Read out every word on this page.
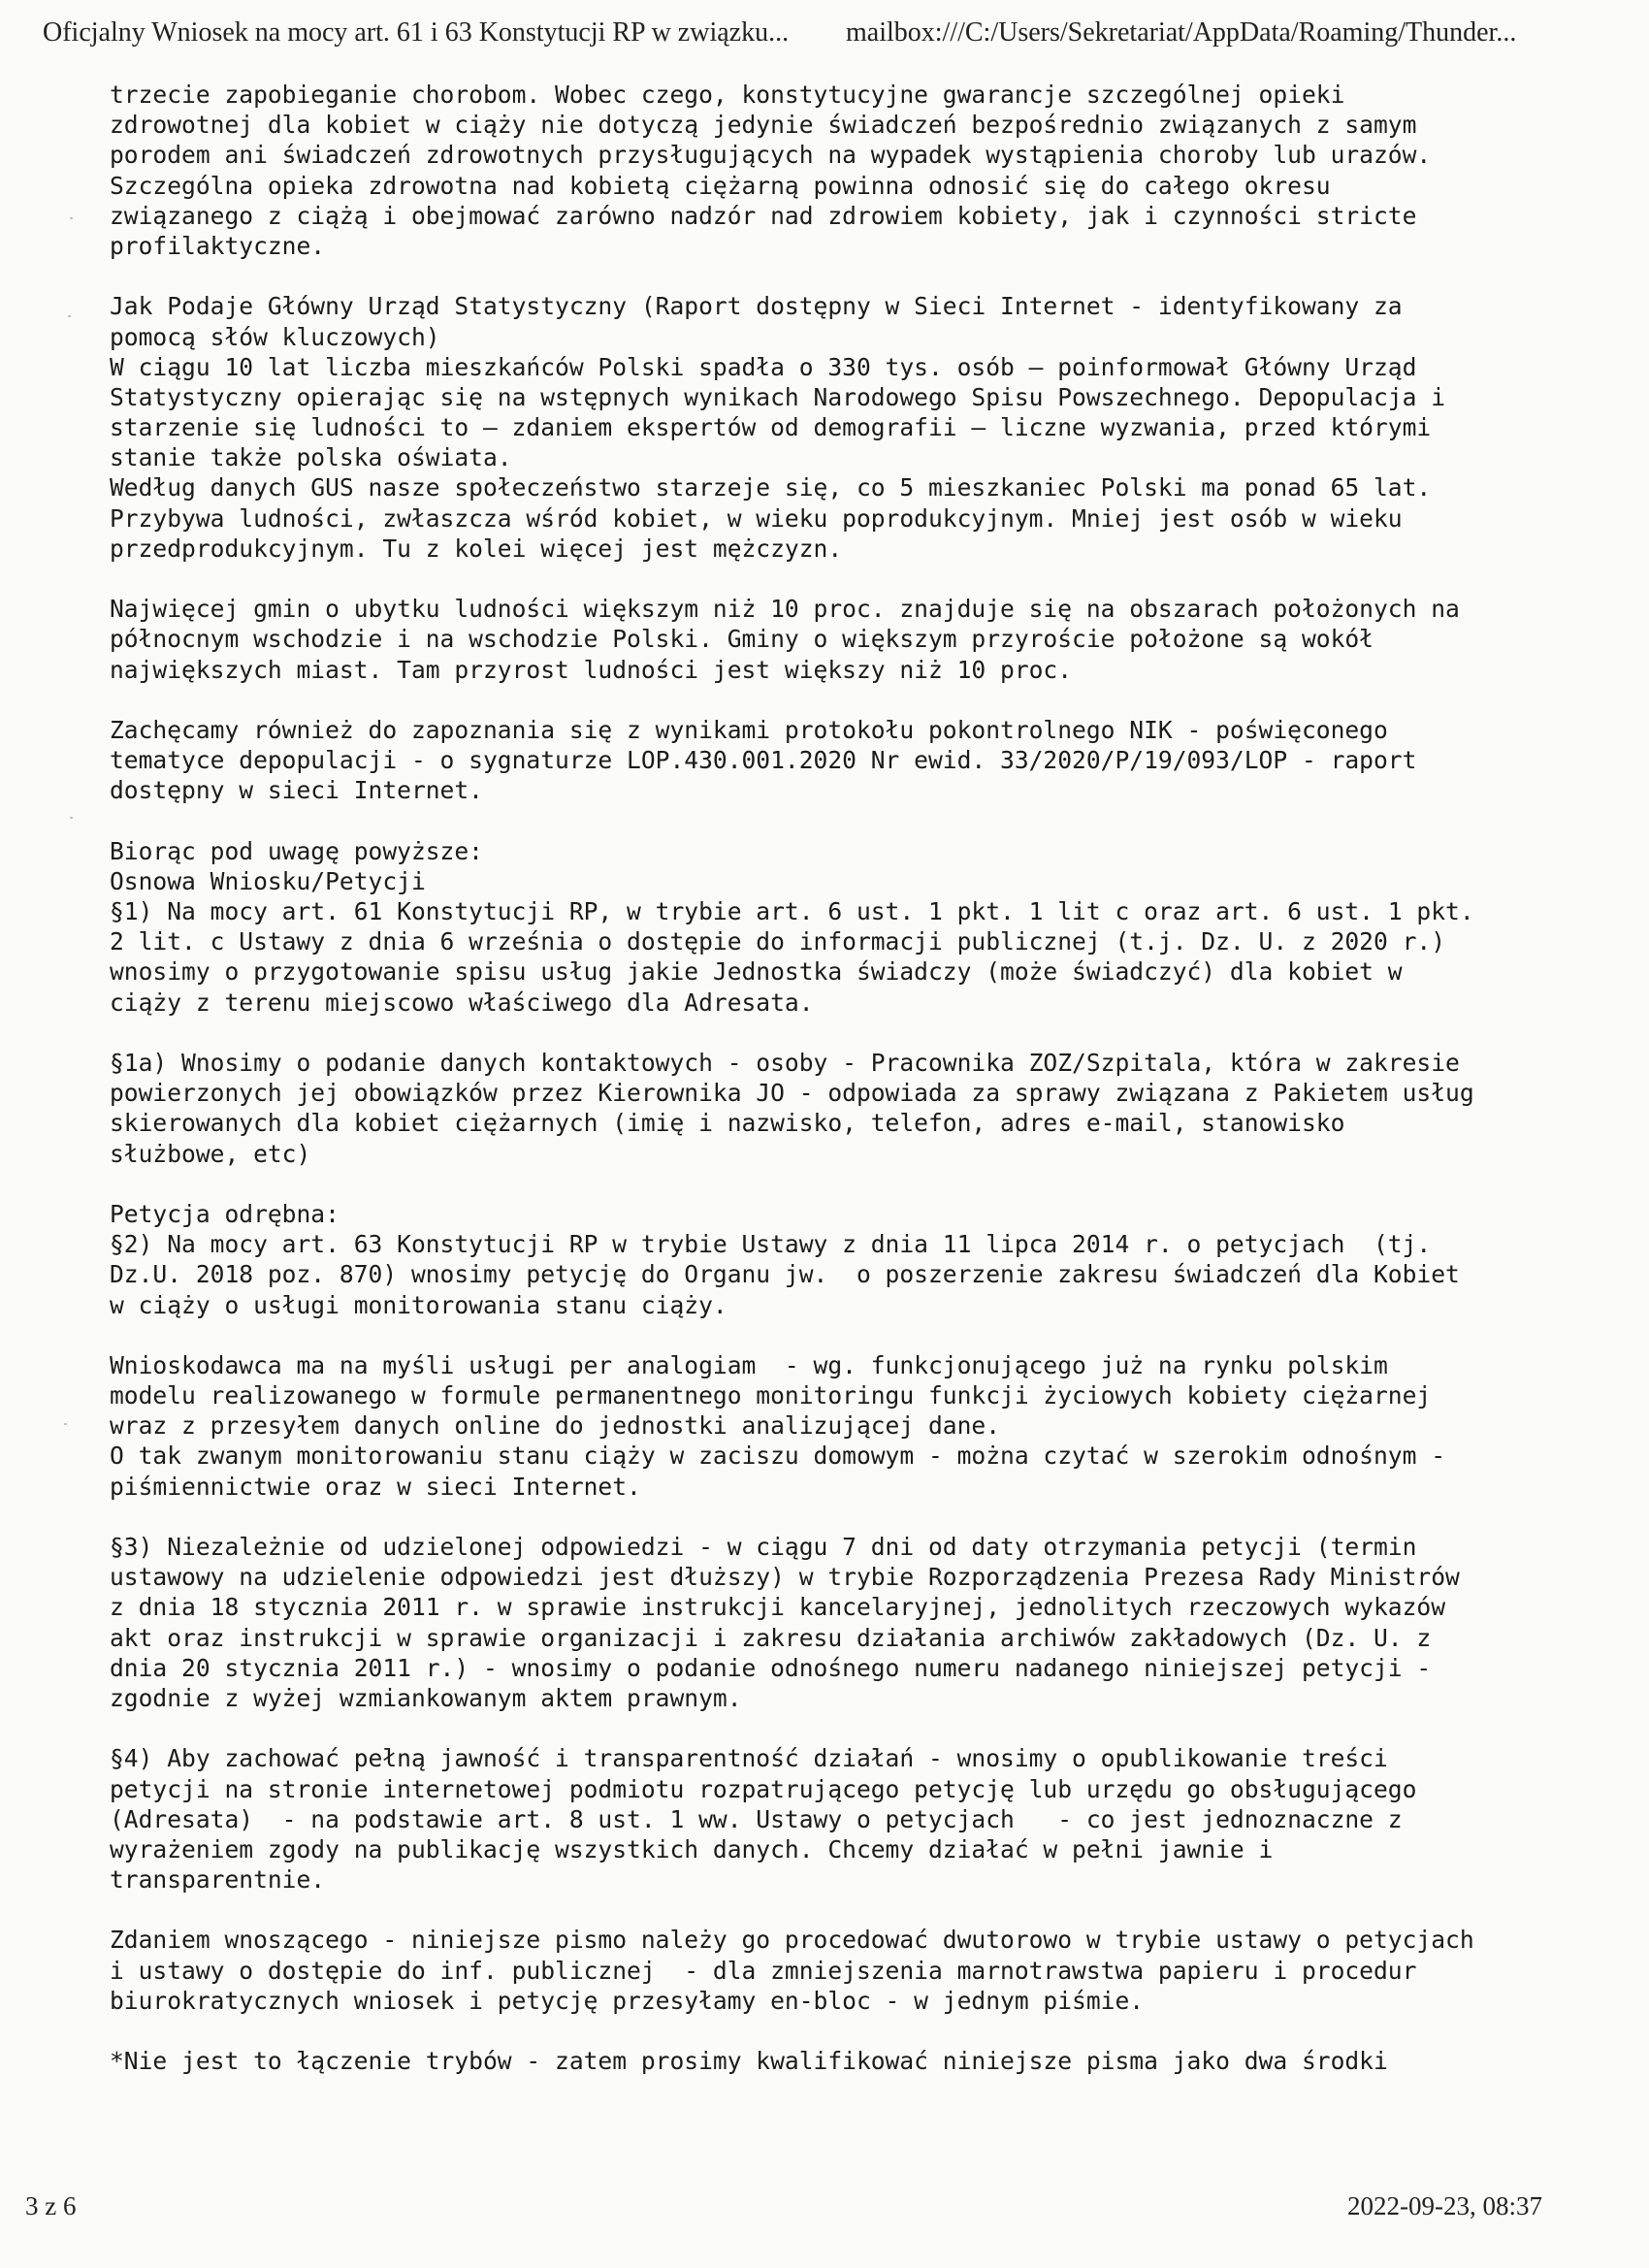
Oficjalny Wniosek na mocy art. 61 i 63 Konstytucji RP w związku... mailbox:///C:/Users/Sekretariat/AppData/Roaming/Thunder...
trzecie zapobieganie chorobom. Wobec czego, konstytucyjne gwarancje szczególnej opieki
zdrowotnej dla kobiet w ciąży nie dotyczą jedynie świadczeń bezpośrednio związanych z samym
porodem ani świadczeń zdrowotnych przysługujących na wypadek wystąpienia choroby lub urazów.
Szczególna opieka zdrowotna nad kobietą ciężarną powinna odnosić się do całego okresu
związanego z ciążą i obejmować zarówno nadzór nad zdrowiem kobiety, jak i czynności stricte
profilaktyczne.
Jak Podaje Główny Urząd Statystyczny (Raport dostępny w Sieci Internet - identyfikowany za
pomocą słów kluczowych)
W ciągu 10 lat liczba mieszkańców Polski spadła o 330 tys. osób – poinformował Główny Urząd
Statystyczny opierając się na wstępnych wynikach Narodowego Spisu Powszechnego. Depopulacja i
starzenie się ludności to – zdaniem ekspertów od demografii – liczne wyzwania, przed którymi
stanie także polska oświata.
Według danych GUS nasze społeczeństwo starzeje się, co 5 mieszkaniec Polski ma ponad 65 lat.
Przybywa ludności, zwłaszcza wśród kobiet, w wieku poprodukcyjnym. Mniej jest osób w wieku
przedprodukcyjnym. Tu z kolei więcej jest mężczyzn.
Najwięcej gmin o ubytku ludności większym niż 10 proc. znajduje się na obszarach położonych na
północnym wschodzie i na wschodzie Polski. Gminy o większym przyroście położone są wokół
największych miast. Tam przyrost ludności jest większy niż 10 proc.
Zachęcamy również do zapoznania się z wynikami protokołu pokontrolnego NIK - poświęconego
tematyce depopulacji - o sygnaturze LOP.430.001.2020 Nr ewid. 33/2020/P/19/093/LOP - raport
dostępny w sieci Internet.
Biorąc pod uwagę powyższe:
Osnowa Wniosku/Petycji
§1) Na mocy art. 61 Konstytucji RP, w trybie art. 6 ust. 1 pkt. 1 lit c oraz art. 6 ust. 1 pkt.
2 lit. c Ustawy z dnia 6 września o dostępie do informacji publicznej (t.j. Dz. U. z 2020 r.)
wnosimy o przygotowanie spisu usług jakie Jednostka świadczy (może świadczyć) dla kobiet w
ciąży z terenu miejscowo właściwego dla Adresata.
§1a) Wnosimy o podanie danych kontaktowych - osoby - Pracownika ZOZ/Szpitala, która w zakresie
powierzonych jej obowiązków przez Kierownika JO - odpowiada za sprawy związana z Pakietem usług
skierowanych dla kobiet ciężarnych (imię i nazwisko, telefon, adres e-mail, stanowisko
służbowe, etc)
Petycja odrębna:
§2) Na mocy art. 63 Konstytucji RP w trybie Ustawy z dnia 11 lipca 2014 r. o petycjach  (tj.
Dz.U. 2018 poz. 870) wnosimy petycję do Organu jw.  o poszerzenie zakresu świadczeń dla Kobiet
w ciąży o usługi monitorowania stanu ciąży.
Wnioskodawca ma na myśli usługi per analogiam  - wg. funkcjonującego już na rynku polskim
modelu realizowanego w formule permanentnego monitoringu funkcji życiowych kobiety ciężarnej
wraz z przesyłem danych online do jednostki analizującej dane.
O tak zwanym monitorowaniu stanu ciąży w zaciszu domowym - można czytać w szerokim odnośnym -
piśmiennictwie oraz w sieci Internet.
§3) Niezależnie od udzielonej odpowiedzi - w ciągu 7 dni od daty otrzymania petycji (termin
ustawowy na udzielenie odpowiedzi jest dłuższy) w trybie Rozporządzenia Prezesa Rady Ministrów
z dnia 18 stycznia 2011 r. w sprawie instrukcji kancelaryjnej, jednolitych rzeczowych wykazów
akt oraz instrukcji w sprawie organizacji i zakresu działania archiwów zakładowych (Dz. U. z
dnia 20 stycznia 2011 r.) - wnosimy o podanie odnośnego numeru nadanego niniejszej petycji -
zgodnie z wyżej wzmiankowanym aktem prawnym.
§4) Aby zachować pełną jawność i transparentność działań - wnosimy o opublikowanie treści
petycji na stronie internetowej podmiotu rozpatrującego petycję lub urzędu go obsługującego
(Adresata)  - na podstawie art. 8 ust. 1 ww. Ustawy o petycjach   - co jest jednoznaczne z
wyrażeniem zgody na publikację wszystkich danych. Chcemy działać w pełni jawnie i
transparentnie.
Zdaniem wnoszącego - niniejsze pismo należy go procedować dwutorowo w trybie ustawy o petycjach
i ustawy o dostępie do inf. publicznej  - dla zmniejszenia marnotrawstwa papieru i procedur
biurokratycznych wniosek i petycję przesyłamy en-bloc - w jednym piśmie.
*Nie jest to łączenie trybów - zatem prosimy kwalifikować niniejsze pisma jako dwa środki
3 z 6	2022-09-23, 08:37
